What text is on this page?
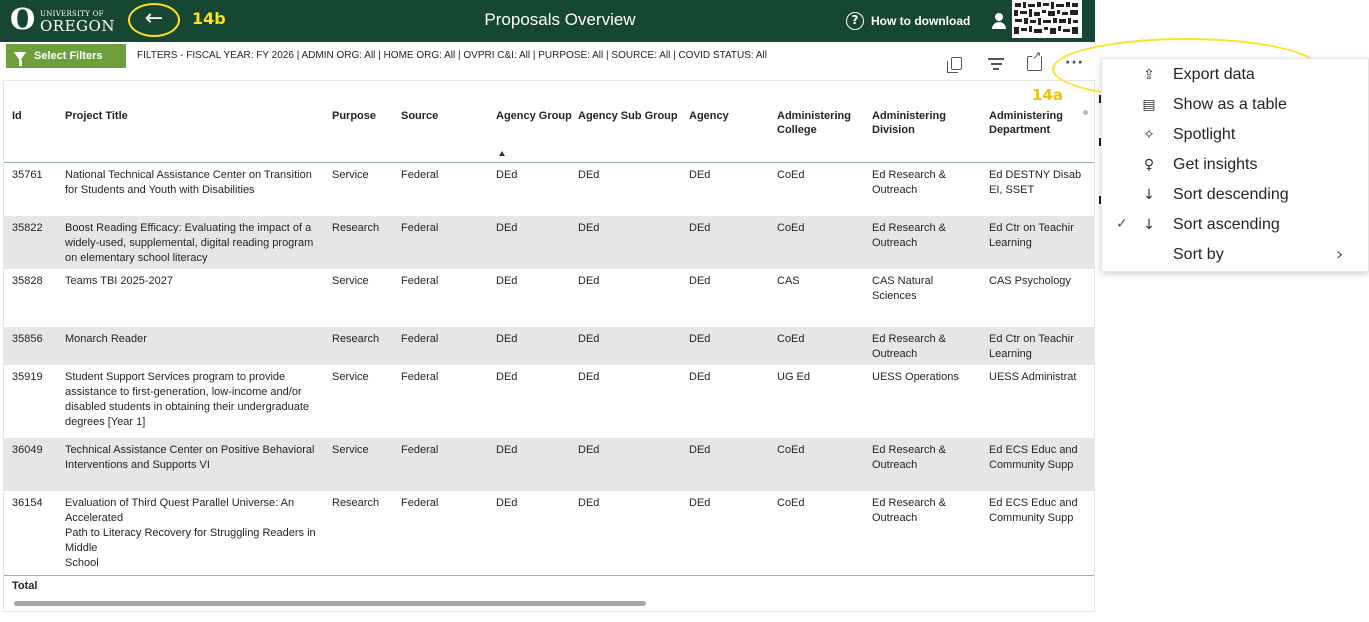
O UNIVERSITY OF
OREGON	←	14b	Proposals Overview	?	How to download
Select Filters	FILTERS - FISCAL YEAR: FY 2026 | ADMIN ORG: All | HOME ORG: All | OVPRI C&I: All | PURPOSE: All | SOURCE: All | COVID STATUS: All
↗	···
Id	Project Title	Purpose Source	Agency Group Agency Sub Group Agency	Administering College
Administering Division
Administering Department
35761 National Technical Assistance Center on Transition for Students and Youth with Disabilities
Service	Federal	DEd	DEd	DEd	CoEd	Ed Research & Outreach
Ed DESTNY Disab EI, SSET
35822 Boost Reading Efficacy: Evaluating the impact of a widely-used, supplemental, digital reading program on elementary school literacy
Research Federal	DEd	DEd	DEd	CoEd	Ed Research & Outreach
Ed Ctr on Teachir Learning
35828 Teams TBI 2025-2027	Service	Federal	DEd	DEd	DEd	CAS	CAS Natural Sciences
CAS Psychology
35856 Monarch Reader	Research Federal	DEd	DEd	DEd	CoEd	Ed Research & Outreach
Ed Ctr on Teachir Learning
35919 Student Support Services program to provide assistance to first-generation, low-income and/or disabled students in obtaining their undergraduate degrees [Year 1]
Service	Federal	DEd	DEd	DEd	UG Ed	UESS Operations	UESS Administrat
36049 Technical Assistance Center on Positive Behavioral Interventions and Supports VI
Service	Federal	DEd	DEd	DEd	CoEd	Ed Research & Outreach
Ed ECS Educ and Community Supp
36154 Evaluation of Third Quest Parallel Universe: An Accelerated
Path to Literacy Recovery for Struggling Readers in Middle
School
Research Federal	DEd	DEd	DEd	CoEd	Ed Research & Outreach
Ed ECS Educ and Community Supp
Total
14a
⇪ Export data
▤ Show as a table
✧ Spotlight
♀ Get insights
↓ Sort descending
✓ ↓ Sort ascending
Sort by	›
